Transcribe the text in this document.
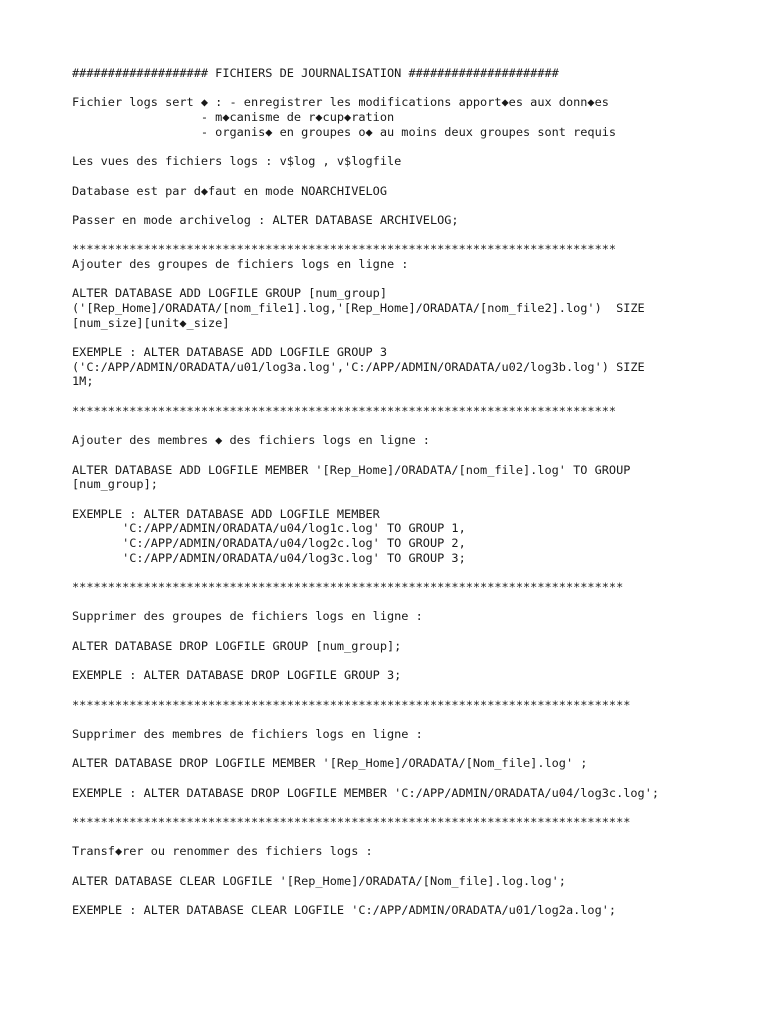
################### FICHIERS DE JOURNALISATION #####################
Fichier logs sert ◆ : - enregistrer les modifications apport◆es aux donn◆es
- m◆canisme de r◆cup◆ration
- organis◆ en groupes o◆ au moins deux groupes sont requis
Les vues des fichiers logs : v$log , v$logfile
Database est par d◆faut en mode NOARCHIVELOG
Passer en mode archivelog : ALTER DATABASE ARCHIVELOG;
****************************************************************************
Ajouter des groupes de fichiers logs en ligne :
ALTER DATABASE ADD LOGFILE GROUP [num_group]
('[Rep_Home]/ORADATA/[nom_file1].log,'[Rep_Home]/ORADATA/[nom_file2].log')  SIZE
[num_size][unit◆_size]
EXEMPLE : ALTER DATABASE ADD LOGFILE GROUP 3
('C:/APP/ADMIN/ORADATA/u01/log3a.log','C:/APP/ADMIN/ORADATA/u02/log3b.log') SIZE
1M;
****************************************************************************
Ajouter des membres ◆ des fichiers logs en ligne :
ALTER DATABASE ADD LOGFILE MEMBER '[Rep_Home]/ORADATA/[nom_file].log' TO GROUP
[num_group];
EXEMPLE : ALTER DATABASE ADD LOGFILE MEMBER
'C:/APP/ADMIN/ORADATA/u04/log1c.log' TO GROUP 1,
'C:/APP/ADMIN/ORADATA/u04/log2c.log' TO GROUP 2,
'C:/APP/ADMIN/ORADATA/u04/log3c.log' TO GROUP 3;
*****************************************************************************
Supprimer des groupes de fichiers logs en ligne :
ALTER DATABASE DROP LOGFILE GROUP [num_group];
EXEMPLE : ALTER DATABASE DROP LOGFILE GROUP 3;
******************************************************************************
Supprimer des membres de fichiers logs en ligne :
ALTER DATABASE DROP LOGFILE MEMBER '[Rep_Home]/ORADATA/[Nom_file].log' ;
EXEMPLE : ALTER DATABASE DROP LOGFILE MEMBER 'C:/APP/ADMIN/ORADATA/u04/log3c.log';
******************************************************************************
Transf◆rer ou renommer des fichiers logs :
ALTER DATABASE CLEAR LOGFILE '[Rep_Home]/ORADATA/[Nom_file].log.log';
EXEMPLE : ALTER DATABASE CLEAR LOGFILE 'C:/APP/ADMIN/ORADATA/u01/log2a.log';
